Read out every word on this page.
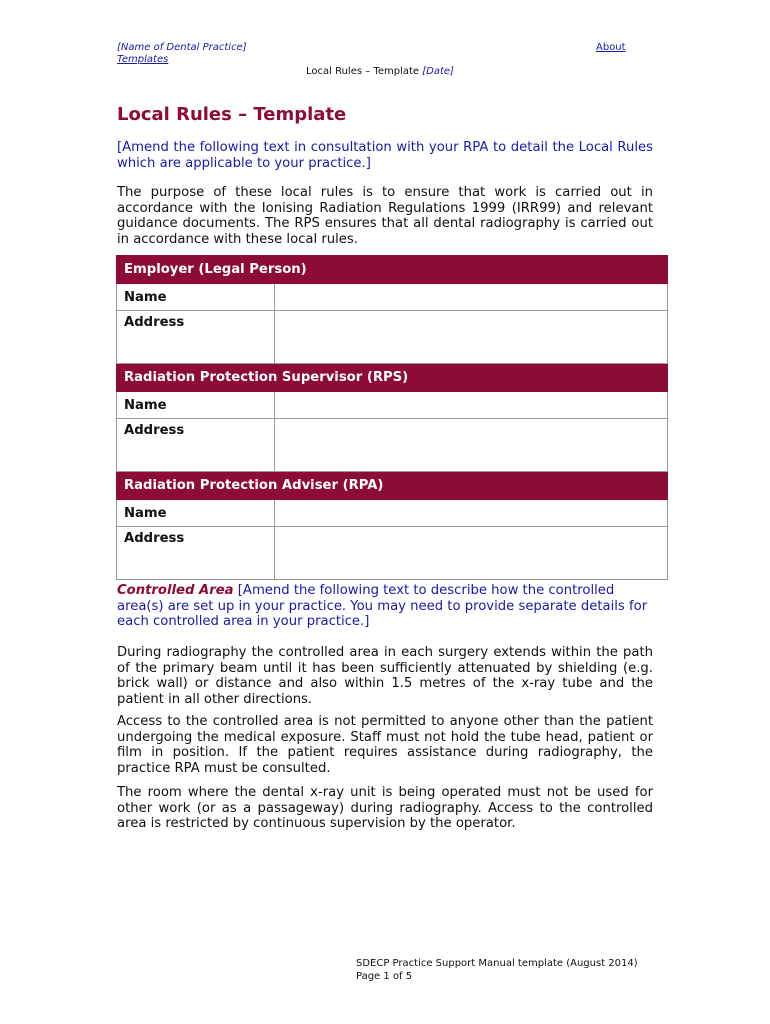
[Name of Dental Practice]
Templates
About
Local Rules – Template [Date]
Local Rules – Template

[Amend the following text in consultation with your RPA to detail the Local Rules which are applicable to your practice.]

The purpose of these local rules is to ensure that work is carried out in accordance with the Ionising Radiation Regulations 1999 (IRR99) and relevant guidance documents. The RPS ensures that all dental radiography is carried out in accordance with these local rules.

Employer (Legal Person)	
Name	
Address	
Radiation Protection Supervisor (RPS)	
Name	
Address	
Radiation Protection Adviser (RPA)	
Name	
Address	

Controlled Area [Amend the following text to describe how the controlled area(s) are set up in your practice. You may need to provide separate details for each controlled area in your practice.]

During radiography the controlled area in each surgery extends within the path of the primary beam until it has been sufficiently attenuated by shielding (e.g. brick wall) or distance and also within 1.5 metres of the x-ray tube and the patient in all other directions.

Access to the controlled area is not permitted to anyone other than the patient undergoing the medical exposure. Staff must not hold the tube head, patient or film in position. If the patient requires assistance during radiography, the practice RPA must be consulted.

The room where the dental x-ray unit is being operated must not be used for other work (or as a passageway) during radiography. Access to the controlled area is restricted by continuous supervision by the operator.

SDECP Practice Support Manual template (August 2014)
Page 1 of 5
